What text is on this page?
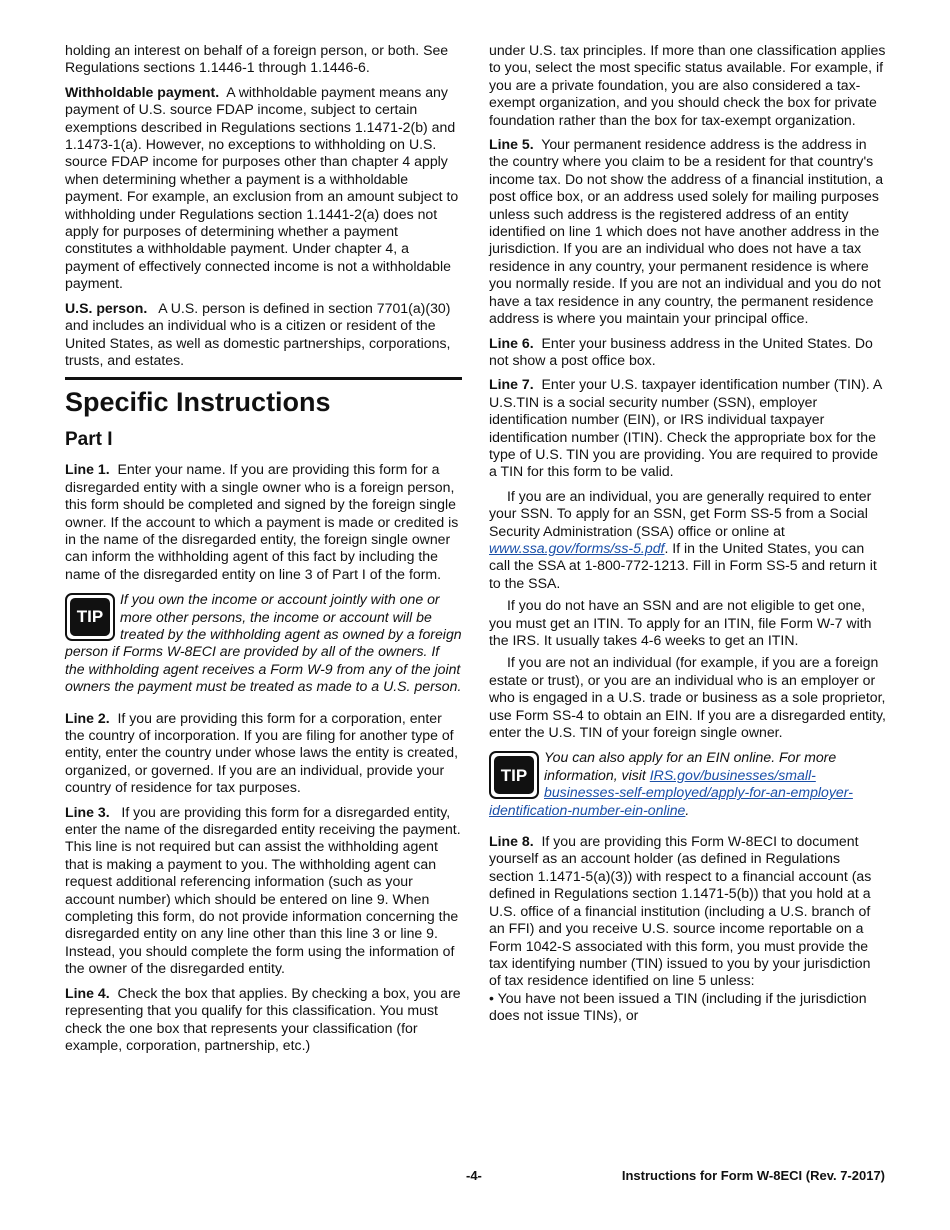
holding an interest on behalf of a foreign person, or both. See Regulations sections 1.1446-1 through 1.1446-6.

Withholdable payment. A withholdable payment means any payment of U.S. source FDAP income, subject to certain exemptions described in Regulations sections 1.1471-2(b) and 1.1473-1(a). However, no exceptions to withholding on U.S. source FDAP income for purposes other than chapter 4 apply when determining whether a payment is a withholdable payment. For example, an exclusion from an amount subject to withholding under Regulations section 1.1441-2(a) does not apply for purposes of determining whether a payment constitutes a withholdable payment. Under chapter 4, a payment of effectively connected income is not a withholdable payment.

U.S. person. A U.S. person is defined in section 7701(a)(30) and includes an individual who is a citizen or resident of the United States, as well as domestic partnerships, corporations, trusts, and estates.

Specific Instructions
Part I

Line 1. Enter your name. If you are providing this form for a disregarded entity with a single owner who is a foreign person, this form should be completed and signed by the foreign single owner. If the account to which a payment is made or credited is in the name of the disregarded entity, the foreign single owner can inform the withholding agent of this fact by including the name of the disregarded entity on line 3 of Part I of the form.

TIP
If you own the income or account jointly with one or more other persons, the income or account will be treated by the withholding agent as owned by a foreign person if Forms W-8ECI are provided by all of the owners. If the withholding agent receives a Form W-9 from any of the joint owners the payment must be treated as made to a U.S. person.

Line 2. If you are providing this form for a corporation, enter the country of incorporation. If you are filing for another type of entity, enter the country under whose laws the entity is created, organized, or governed. If you are an individual, provide your country of residence for tax purposes.

Line 3. If you are providing this form for a disregarded entity, enter the name of the disregarded entity receiving the payment. This line is not required but can assist the withholding agent that is making a payment to you. The withholding agent can request additional referencing information (such as your account number) which should be entered on line 9. When completing this form, do not provide information concerning the disregarded entity on any line other than this line 3 or line 9. Instead, you should complete the form using the information of the owner of the disregarded entity.

Line 4. Check the box that applies. By checking a box, you are representing that you qualify for this classification. You must check the one box that represents your classification (for example, corporation, partnership, etc.)

under U.S. tax principles. If more than one classification applies to you, select the most specific status available. For example, if you are a private foundation, you are also considered a tax-exempt organization, and you should check the box for private foundation rather than the box for tax-exempt organization.

Line 5. Your permanent residence address is the address in the country where you claim to be a resident for that country's income tax. Do not show the address of a financial institution, a post office box, or an address used solely for mailing purposes unless such address is the registered address of an entity identified on line 1 which does not have another address in the jurisdiction. If you are an individual who does not have a tax residence in any country, your permanent residence is where you normally reside. If you are not an individual and you do not have a tax residence in any country, the permanent residence address is where you maintain your principal office.

Line 6. Enter your business address in the United States. Do not show a post office box.

Line 7. Enter your U.S. taxpayer identification number (TIN). A U.S.TIN is a social security number (SSN), employer identification number (EIN), or IRS individual taxpayer identification number (ITIN). Check the appropriate box for the type of U.S. TIN you are providing. You are required to provide a TIN for this form to be valid.

If you are an individual, you are generally required to enter your SSN. To apply for an SSN, get Form SS-5 from a Social Security Administration (SSA) office or online at www.ssa.gov/forms/ss-5.pdf. If in the United States, you can call the SSA at 1-800-772-1213. Fill in Form SS-5 and return it to the SSA.

If you do not have an SSN and are not eligible to get one, you must get an ITIN. To apply for an ITIN, file Form W-7 with the IRS. It usually takes 4-6 weeks to get an ITIN.

If you are not an individual (for example, if you are a foreign estate or trust), or you are an individual who is an employer or who is engaged in a U.S. trade or business as a sole proprietor, use Form SS-4 to obtain an EIN. If you are a disregarded entity, enter the U.S. TIN of your foreign single owner.

TIP
You can also apply for an EIN online. For more information, visit IRS.gov/businesses/small-businesses-self-employed/apply-for-an-employer-identification-number-ein-online.

Line 8. If you are providing this Form W-8ECI to document yourself as an account holder (as defined in Regulations section 1.1471-5(a)(3)) with respect to a financial account (as defined in Regulations section 1.1471-5(b)) that you hold at a U.S. office of a financial institution (including a U.S. branch of an FFI) and you receive U.S. source income reportable on a Form 1042-S associated with this form, you must provide the tax identifying number (TIN) issued to you by your jurisdiction of tax residence identified on line 5 unless:

• You have not been issued a TIN (including if the jurisdiction does not issue TINs), or

-4-	Instructions for Form W-8ECI (Rev. 7-2017)
